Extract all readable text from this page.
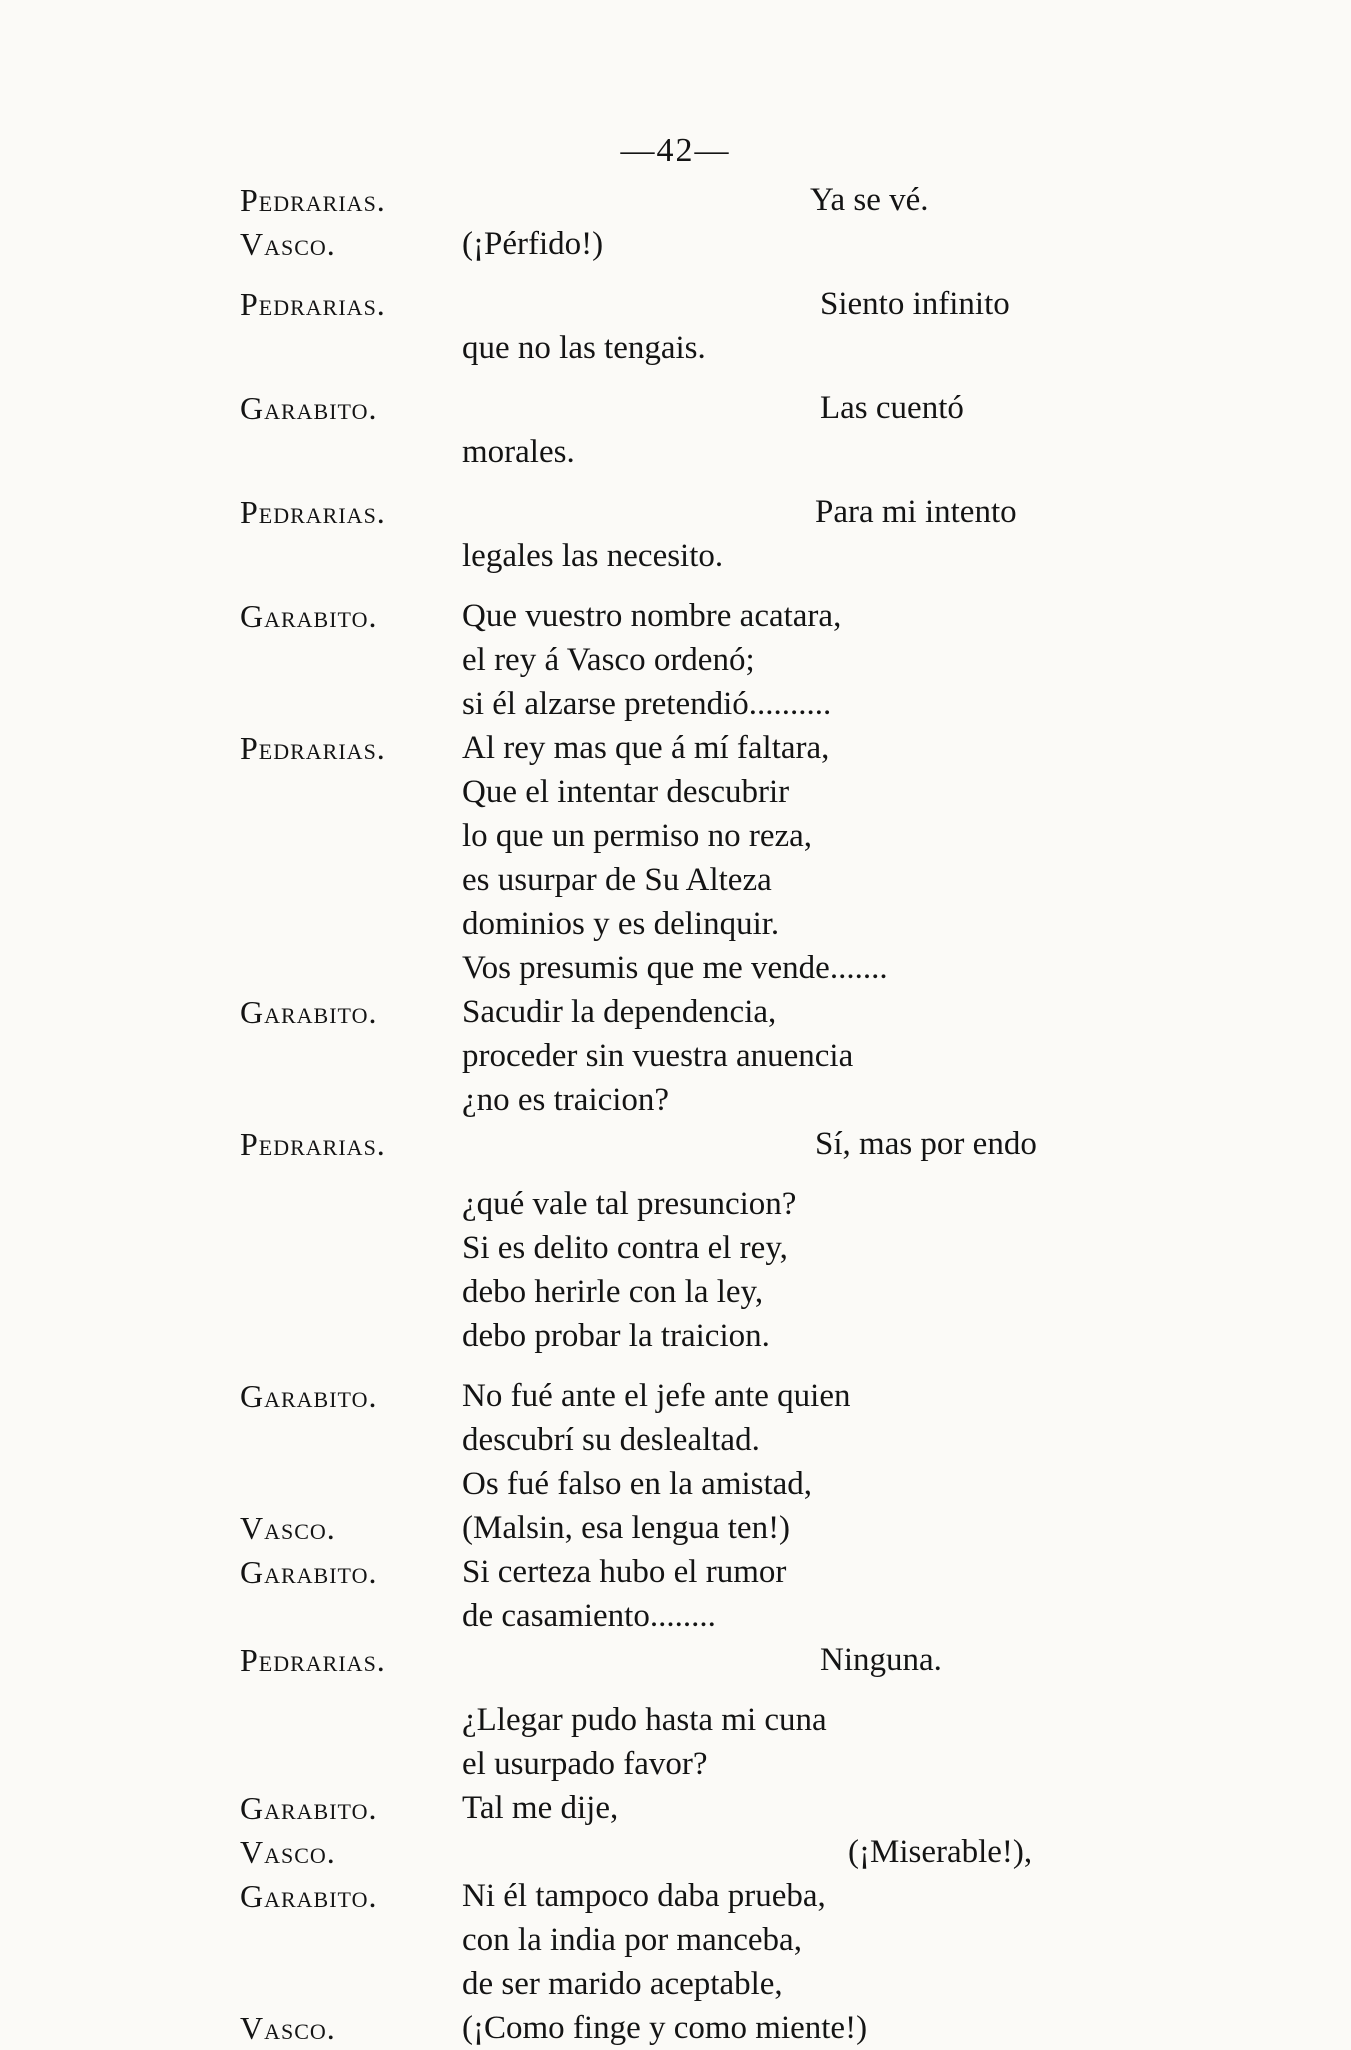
—42—
Pedrarias.	Ya se vé.
Vasco.	(¡Pérfido!)
Pedrarias.	Siento infinito
que no las tengais.
Garabito.	Las cuentó
morales.
Pedrarias.	Para mi intento
legales las necesito.
Garabito.	Que vuestro nombre acatara,
el rey á Vasco ordenó;
si él alzarse pretendió..........
Pedrarias. Al rey mas que á mí faltara,
Que el intentar descubrir
lo que un permiso no reza,
es usurpar de Su Alteza
dominios y es delinquir.
Vos presumis que me vende.......
Garabito.	Sacudir la dependencia,
proceder sin vuestra anuencia
¿no es traicion?
Pedrarias.	Sí, mas por endo
¿qué vale tal presuncion?
Si es delito contra el rey,
debo herirle con la ley,
debo probar la traicion.
Garabito.	No fué ante el jefe ante quien
descubrí su deslealtad.
Os fué falso en la amistad,
Vasco.	(Malsin, esa lengua ten!)
Garabito.	Si certeza hubo el rumor
de casamiento........
Pedrarias.	Ninguna.
¿Llegar pudo hasta mi cuna
el usurpado favor?
Garabito.	Tal me dije,
Vasco.	(¡Miserable!),
Garabito.	Ni él tampoco daba prueba,
con la india por manceba,
de ser marido aceptable,
Vasco.	(¡Como finge y como miente!)
